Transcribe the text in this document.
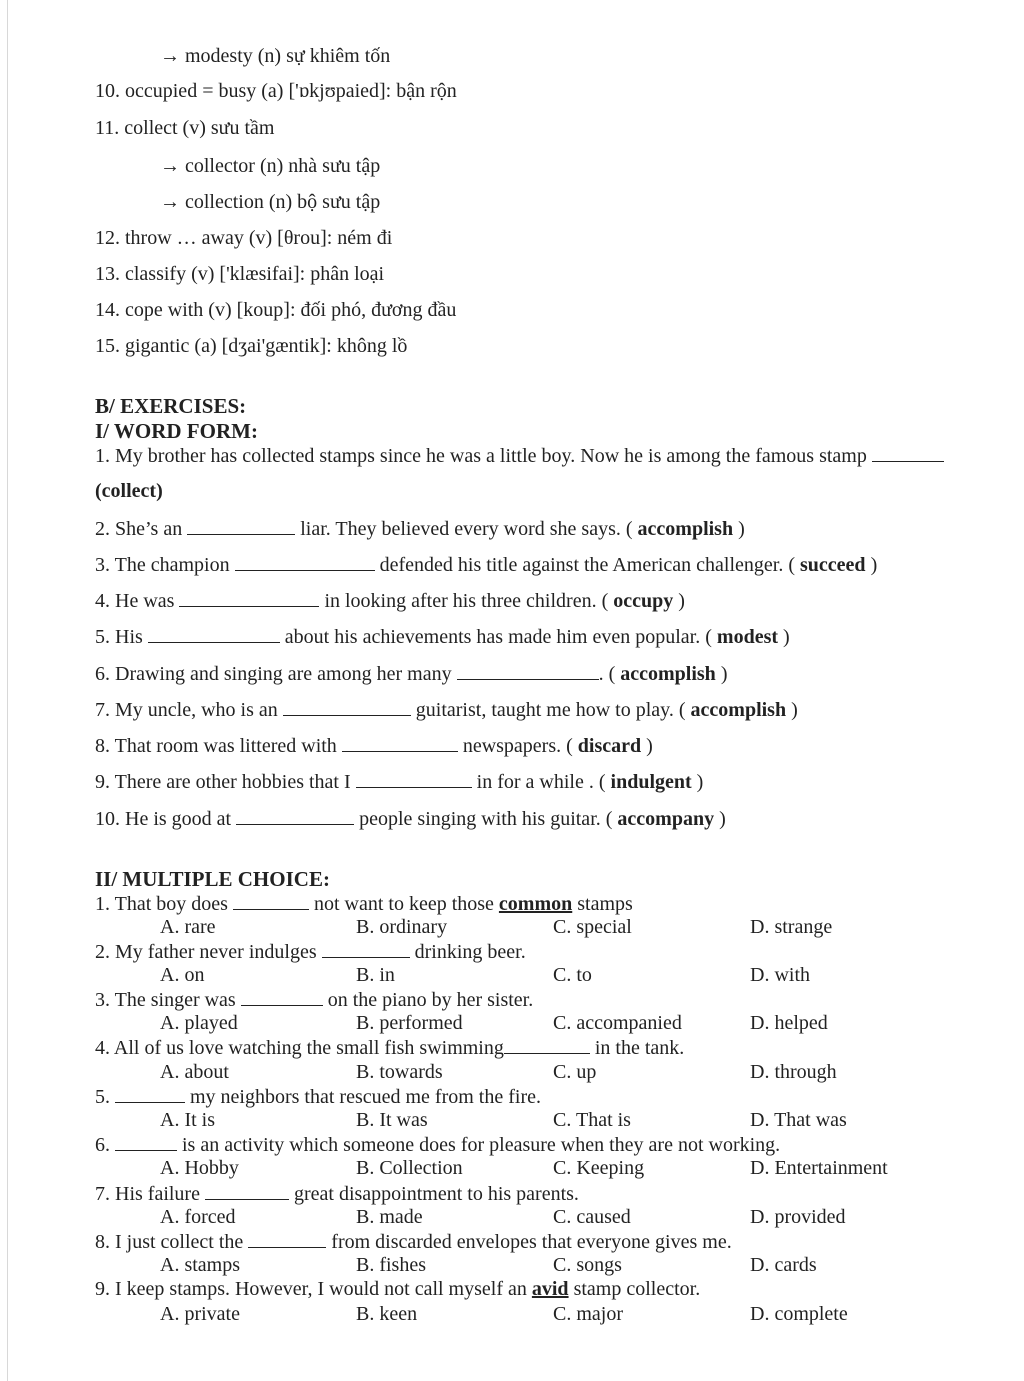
→ modesty (n) sự khiêm tốn
10. occupied = busy (a) ['ɒkjʊpaied]: bận rộn
11. collect (v) sưu tầm
→ collector (n) nhà sưu tập
→ collection (n) bộ sưu tập
12. throw … away (v) [θrou]: ném đi
13. classify (v) ['klæsifai]: phân loại
14. cope with (v) [koup]: đối phó, đương đầu
15. gigantic (a) [dʒai'gæntik]: không lồ
B/ EXERCISES:
I/ WORD FORM:
1. My brother has collected stamps since he was a little boy. Now he is among the famous stamp
(collect)
2. She’s an	liar. They believed every word she says. ( accomplish )
3. The champion	defended his title against the American challenger. ( succeed )
4. He was	in looking after his three children. ( occupy )
5. His	about his achievements has made him even popular. ( modest )
6. Drawing and singing are among her many	. ( accomplish )
7. My uncle, who is an	guitarist, taught me how to play. ( accomplish )
8. That room was littered with	newspapers. ( discard )
9. There are other hobbies that I	in for a while . ( indulgent )
10. He is good at	people singing with his guitar. ( accompany )
II/ MULTIPLE CHOICE:
1. That boy does	not want to keep those common stamps
A. rare	B. ordinary	C. special	D. strange
2. My father never indulges	drinking beer.
A. on	B. in	C. to	D. with
3. The singer was	on the piano by her sister.
A. played	B. performed	C. accompanied	D. helped
4. All of us love watching the small fish swimming	in the tank.
A. about	B. towards	C. up	D. through
5.	my neighbors that rescued me from the fire.
A. It is	B. It was	C. That is	D. That was
6.	is an activity which someone does for pleasure when they are not working.
A. Hobby	B. Collection	C. Keeping	D. Entertainment
7. His failure	great disappointment to his parents.
A. forced	B. made	C. caused	D. provided
8. I just collect the	from discarded envelopes that everyone gives me.
A. stamps	B. fishes	C. songs	D. cards
9. I keep stamps. However, I would not call myself an avid stamp collector.
A. private	B. keen	C. major	D. complete
